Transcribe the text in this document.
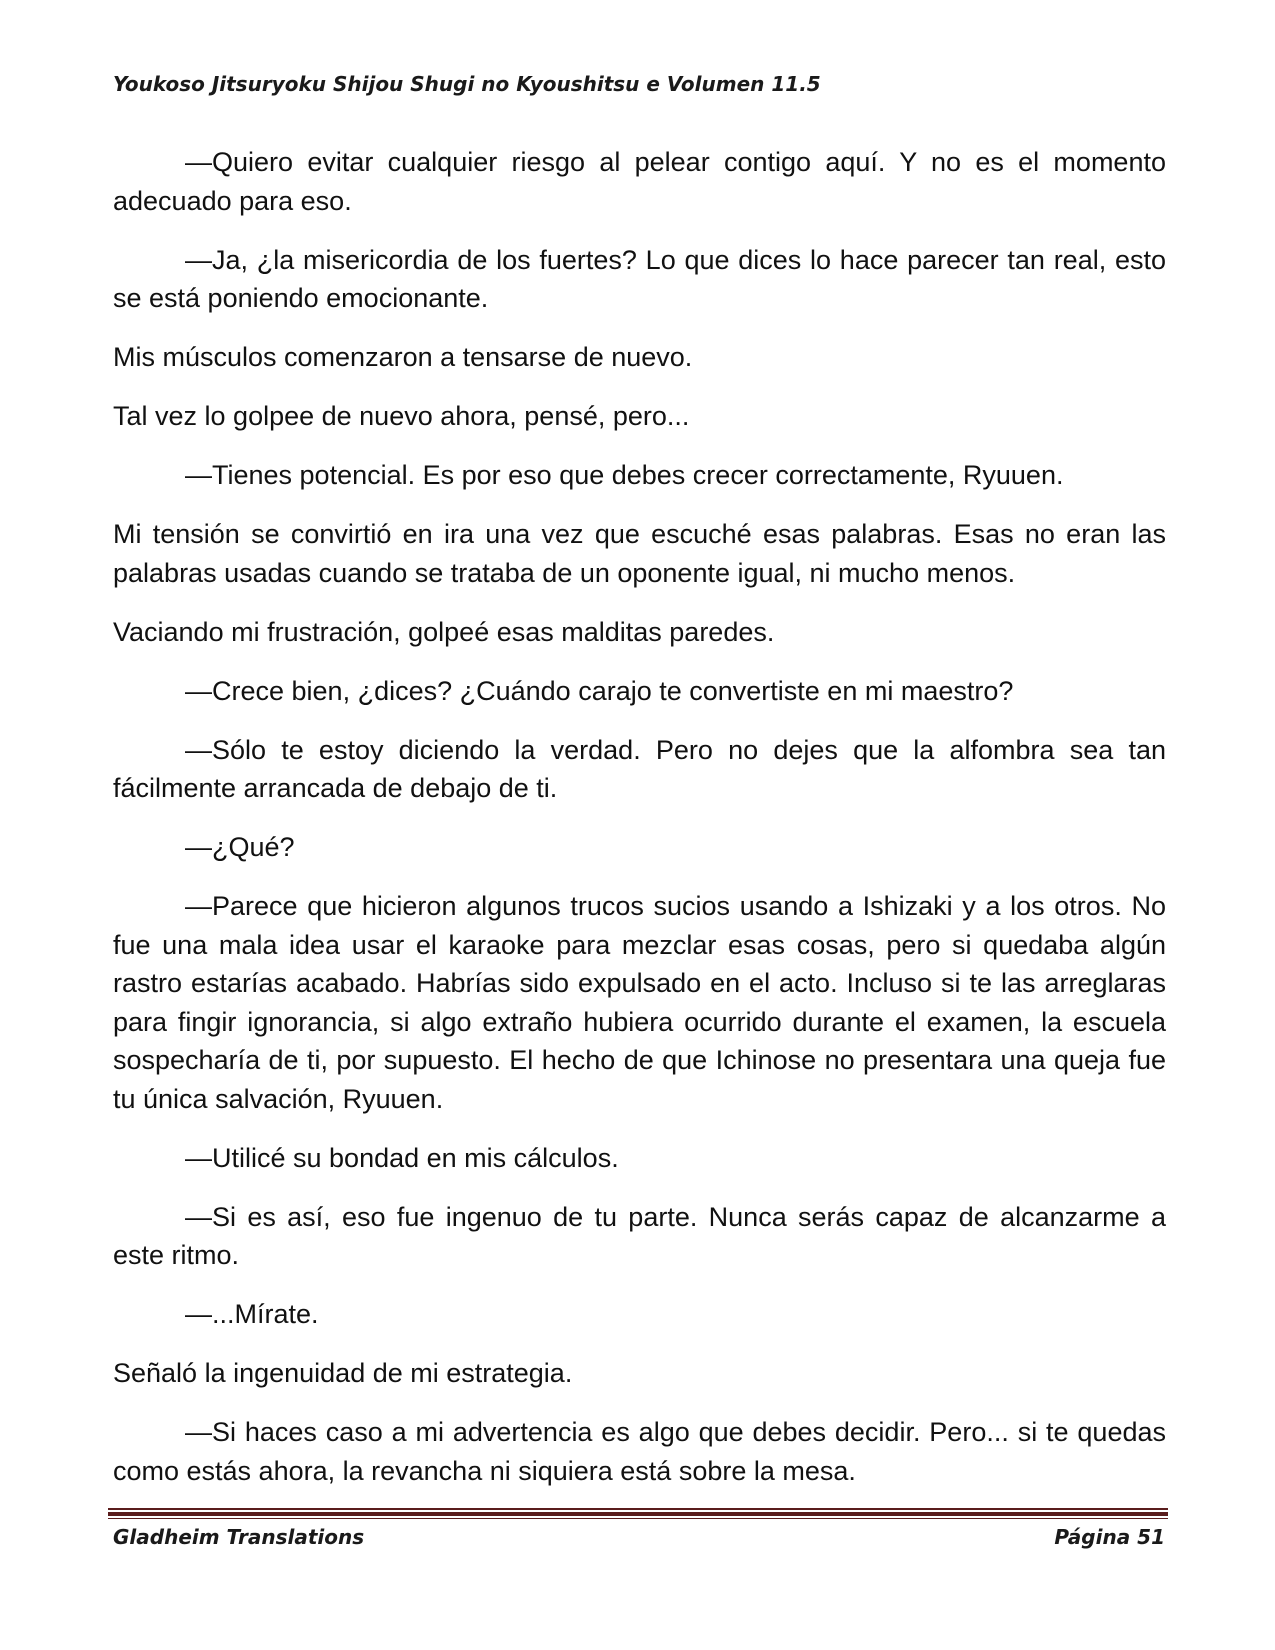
Youkoso Jitsuryoku Shijou Shugi no Kyoushitsu e Volumen 11.5

—Quiero evitar cualquier riesgo al pelear contigo aquí. Y no es el momento adecuado para eso.

—Ja, ¿la misericordia de los fuertes? Lo que dices lo hace parecer tan real, esto se está poniendo emocionante.

Mis músculos comenzaron a tensarse de nuevo.

Tal vez lo golpee de nuevo ahora, pensé, pero...

—Tienes potencial. Es por eso que debes crecer correctamente, Ryuuen.

Mi tensión se convirtió en ira una vez que escuché esas palabras. Esas no eran las palabras usadas cuando se trataba de un oponente igual, ni mucho menos.

Vaciando mi frustración, golpeé esas malditas paredes.

—Crece bien, ¿dices? ¿Cuándo carajo te convertiste en mi maestro?

—Sólo te estoy diciendo la verdad. Pero no dejes que la alfombra sea tan fácilmente arrancada de debajo de ti.

—¿Qué?

—Parece que hicieron algunos trucos sucios usando a Ishizaki y a los otros. No fue una mala idea usar el karaoke para mezclar esas cosas, pero si quedaba algún rastro estarías acabado. Habrías sido expulsado en el acto. Incluso si te las arreglaras para fingir ignorancia, si algo extraño hubiera ocurrido durante el examen, la escuela sospecharía de ti, por supuesto. El hecho de que Ichinose no presentara una queja fue tu única salvación, Ryuuen.

—Utilicé su bondad en mis cálculos.

—Si es así, eso fue ingenuo de tu parte. Nunca serás capaz de alcanzarme a este ritmo.

—...Mírate.

Señaló la ingenuidad de mi estrategia.

—Si haces caso a mi advertencia es algo que debes decidir. Pero... si te quedas como estás ahora, la revancha ni siquiera está sobre la mesa.

Gladheim Translations	Página 51
